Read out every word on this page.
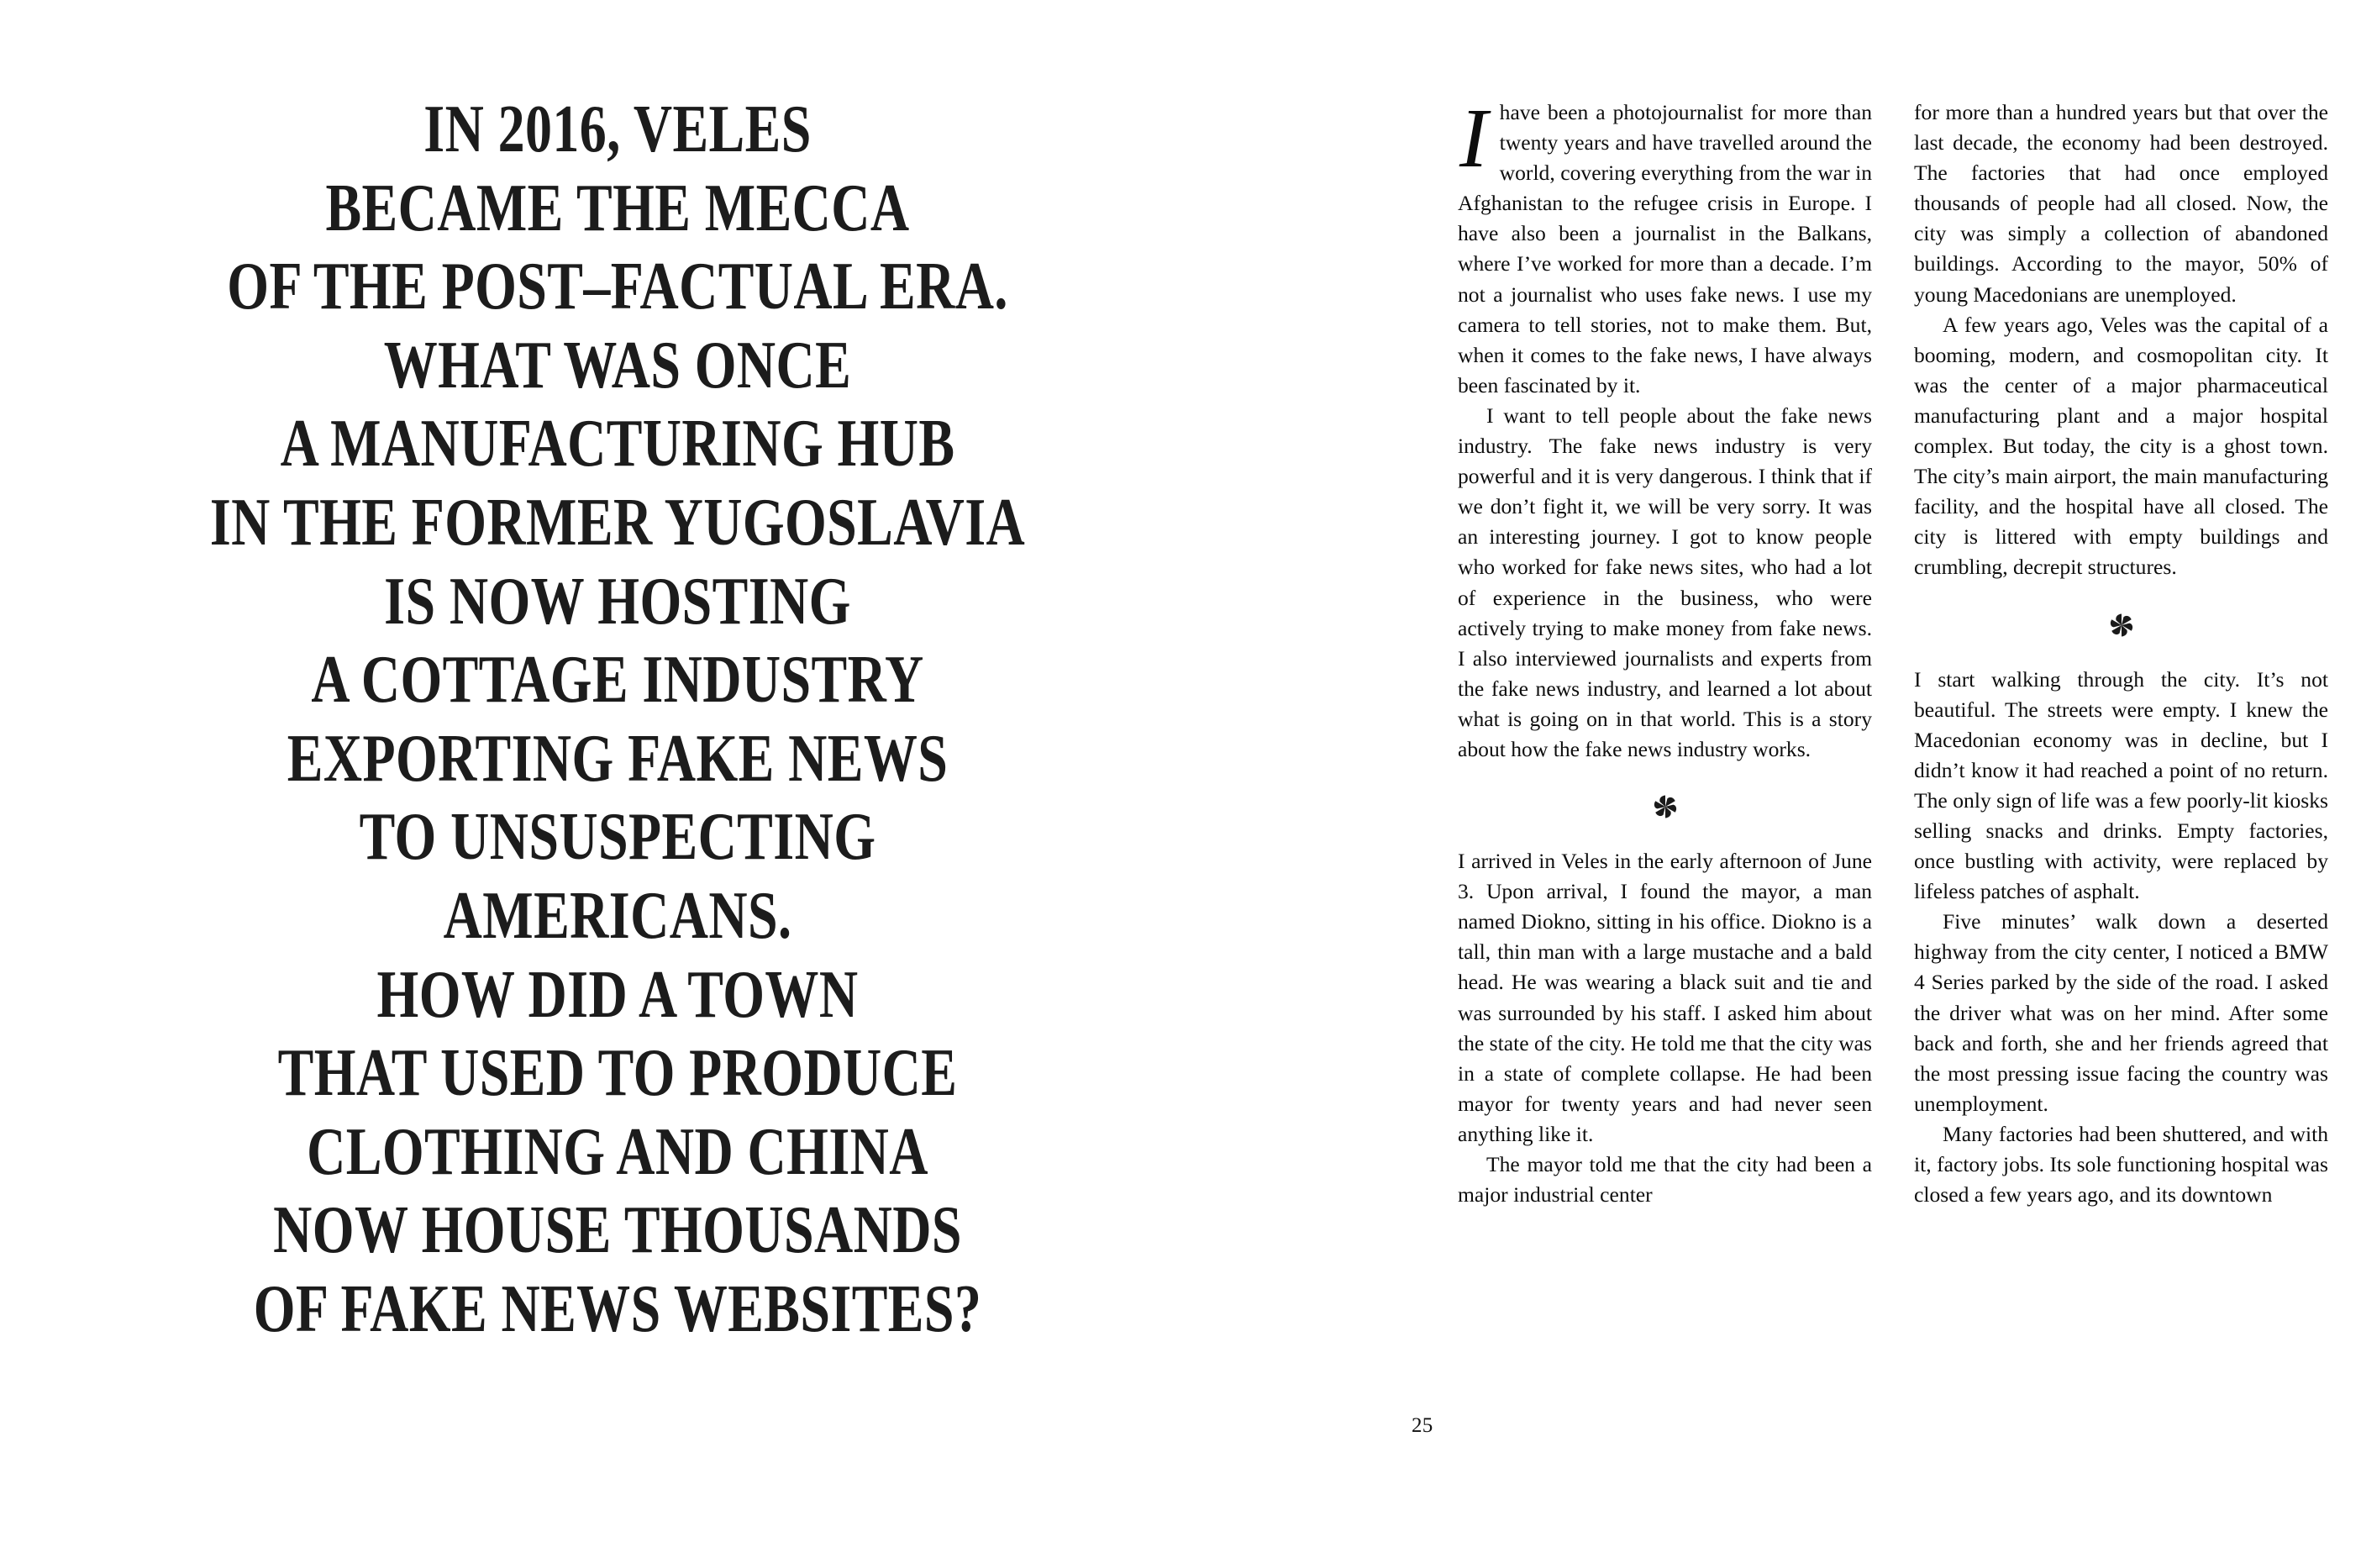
IN 2016, VELES
BECAME THE MECCA
OF THE POST–FACTUAL ERA.
WHAT WAS ONCE
A MANUFACTURING HUB
IN THE FORMER YUGOSLAVIA
IS NOW HOSTING
A COTTAGE INDUSTRY
EXPORTING FAKE NEWS
TO UNSUSPECTING
AMERICANS.
HOW DID A TOWN
THAT USED TO PRODUCE
CLOTHING AND CHINA
NOW HOUSE THOUSANDS
OF FAKE NEWS WEBSITES?
25

Ihave been a photojournalist for more than twenty years and have travelled around the world, covering everything from the war in Afghanistan to the refugee crisis in Europe. I have also been a journalist in the Balkans, where I’ve worked for more than a decade. I’m not a journalist who uses fake news. I use my camera to tell stories, not to make them. But, when it comes to the fake news, I have always been fascinated by it.

I want to tell people about the fake news industry. The fake news industry is very powerful and it is very dangerous. I think that if we don’t fight it, we will be very sorry. It was an interesting journey. I got to know people who worked for fake news sites, who had a lot of experience in the business, who were actively trying to make money from fake news. I also interviewed journalists and experts from the fake news industry, and learned a lot about what is going on in that world. This is a story about how the fake news industry works.

I arrived in Veles in the early afternoon of June 3. Upon arrival, I found the mayor, a man named Diokno, sitting in his office. Diokno is a tall, thin man with a large mustache and a bald head. He was wearing a black suit and tie and was surrounded by his staff. I asked him about the state of the city. He told me that the city was in a state of complete collapse. He had been mayor for twenty years and had never seen anything like it.

The mayor told me that the city had been a major industrial center

for more than a hundred years but that over the last decade, the economy had been destroyed. The factories that had once employed thousands of people had all closed. Now, the city was simply a collection of abandoned buildings. According to the mayor, 50% of young Macedonians are unemployed.

A few years ago, Veles was the capital of a booming, modern, and cosmopolitan city. It was the center of a major pharmaceutical manufacturing plant and a major hospital complex. But today, the city is a ghost town. The city’s main airport, the main manufacturing facility, and the hospital have all closed. The city is littered with empty buildings and crumbling, decrepit structures.

I start walking through the city. It’s not beautiful. The streets were empty. I knew the Macedonian economy was in decline, but I didn’t know it had reached a point of no return. The only sign of life was a few poorly-lit kiosks selling snacks and drinks. Empty factories, once bustling with activity, were replaced by lifeless patches of asphalt.

Five minutes’ walk down a deserted highway from the city center, I noticed a BMW 4 Series parked by the side of the road. I asked the driver what was on her mind. After some back and forth, she and her friends agreed that the most pressing issue facing the country was unemployment.

Many factories had been shuttered, and with it, factory jobs. Its sole functioning hospital was closed a few years ago, and its downtown
